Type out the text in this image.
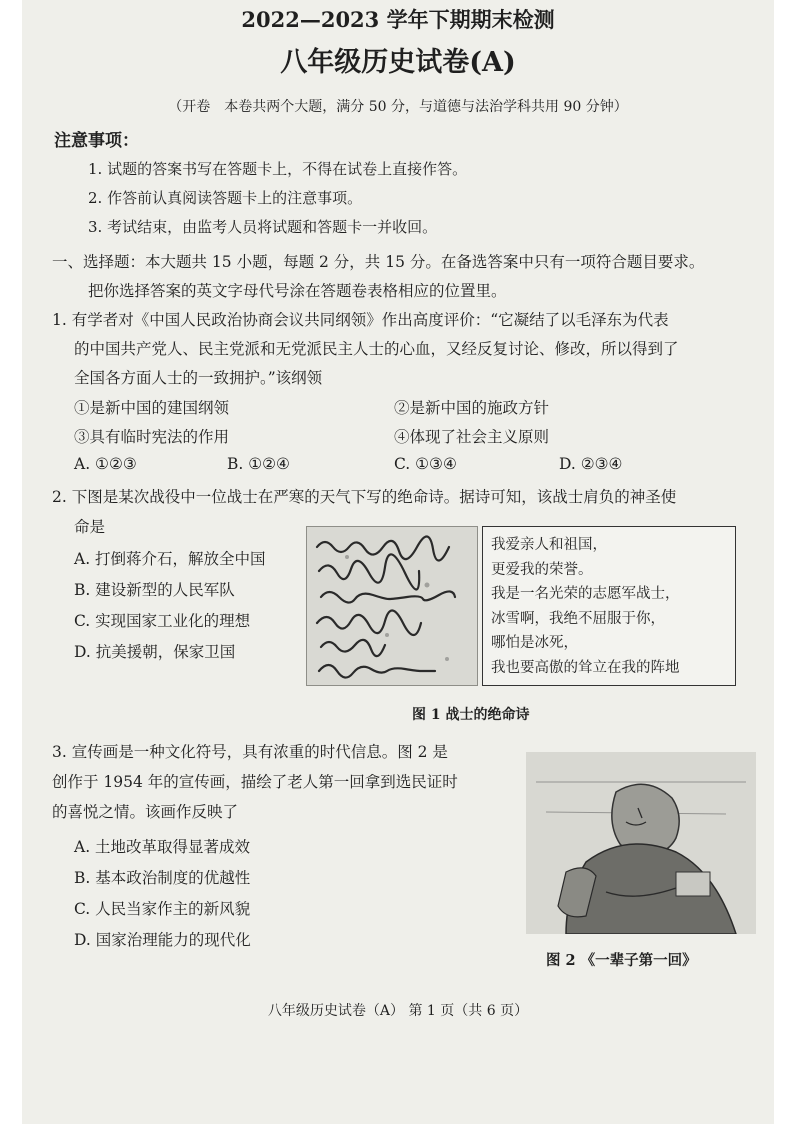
2022—2023 学年下期期末检测
八年级历史试卷(A)
（开卷　本卷共两个大题，满分 50 分，与道德与法治学科共用 90 分钟）
注意事项：
1. 试题的答案书写在答题卡上，不得在试卷上直接作答。
2. 作答前认真阅读答题卡上的注意事项。
3. 考试结束，由监考人员将试题和答题卡一并收回。
一、选择题：本大题共 15 小题，每题 2 分，共 15 分。在备选答案中只有一项符合题目要求。
把你选择答案的英文字母代号涂在答题卷表格相应的位置里。
1. 有学者对《中国人民政治协商会议共同纲领》作出高度评价：“它凝结了以毛泽东为代表
的中国共产党人、民主党派和无党派民主人士的心血，又经反复讨论、修改，所以得到了
全国各方面人士的一致拥护。”该纲领
①是新中国的建国纲领	②是新中国的施政方针
③具有临时宪法的作用	④体现了社会主义原则
A. ①②③	B. ①②④	C. ①③④	D. ②③④
2. 下图是某次战役中一位战士在严寒的天气下写的绝命诗。据诗可知，该战士肩负的神圣使
命是
A. 打倒蒋介石，解放全中国
B. 建设新型的人民军队
C. 实现国家工业化的理想
D. 抗美援朝，保家卫国
我爱亲人和祖国，
更爱我的荣誉。
我是一名光荣的志愿军战士，
冰雪啊，我绝不屈服于你，
哪怕是冰死，
我也要高傲的耸立在我的阵地
图 1 战士的绝命诗
3. 宣传画是一种文化符号，具有浓重的时代信息。图 2 是
创作于 1954 年的宣传画，描绘了老人第一回拿到选民证时
的喜悦之情。该画作反映了
A. 土地改革取得显著成效
B. 基本政治制度的优越性
C. 人民当家作主的新风貌
D. 国家治理能力的现代化
图 2 《一辈子第一回》
八年级历史试卷（A） 第 1 页（共 6 页）
